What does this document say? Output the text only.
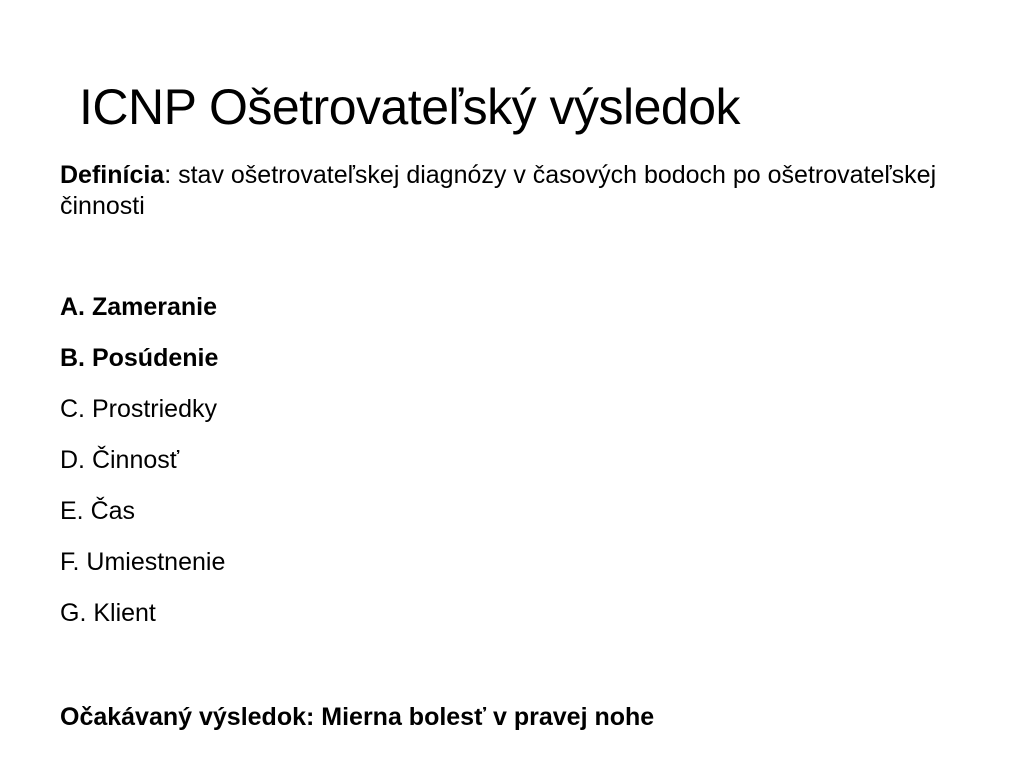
ICNP Ošetrovateľský výsledok

Definícia: stav ošetrovateľskej diagnózy v časových bodoch po ošetrovateľskej činnosti

A. Zameranie
B. Posúdenie
C. Prostriedky
D. Činnosť
E. Čas
F. Umiestnenie
G. Klient
Očakávaný výsledok: Mierna bolesť v pravej nohe
